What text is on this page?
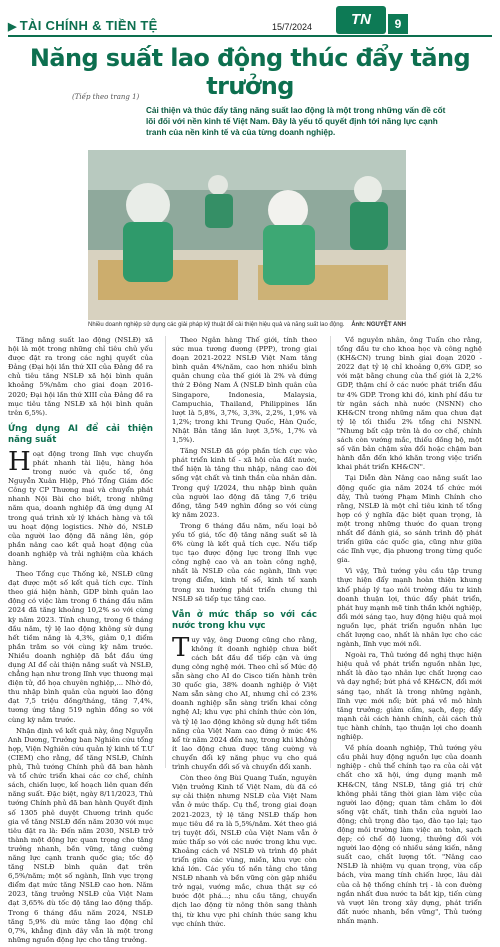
▶ TÀI CHÍNH & TIỀN TỆ	15/7/2024	TN	9
Năng suất lao động thúc đẩy tăng trưởng
(Tiếp theo trang 1)
Cải thiện và thúc đẩy tăng năng suất lao động là một trong những vấn đề cốt lõi đối với nền kinh tế Việt Nam. Đây là yếu tố quyết định tới năng lực cạnh tranh của nền kinh tế và của từng doanh nghiệp.
Nhiều doanh nghiệp sử dụng các giải pháp kỹ thuật để cải thiện hiệu quả và năng suất lao động. Ảnh: NGUYỆT ANH

Tăng năng suất lao động (NSLĐ) xã hội là một trong những chỉ tiêu chủ yếu được đặt ra trong các nghị quyết của Đảng (Đại hội lần thứ XII của Đảng đề ra chủ tiêu tăng NSLĐ xã hội bình quân khoảng 5%/năm cho giai đoạn 2016-2020; Đại hội lần thứ XIII của Đảng đề ra mục tiêu tăng NSLĐ xã hội bình quân trên 6,5%).

Ứng dụng AI để cải thiện năng suất

Hoạt động trong lĩnh vực chuyển phát nhanh tài liệu, hàng hóa trong nước và quốc tế, ông Nguyễn Xuân Hiệp, Phó Tổng Giám đốc Công ty CP Thương mại và chuyển phát nhanh Nội Bài cho biết, trong những năm qua, doanh nghiệp đã ứng dụng AI trong quá trình xử lý khách hàng và tối ưu hoạt động logistics. Nhờ đó, NSLĐ của người lao động đã nâng lên, góp phần nâng cao kết quả hoạt động của doanh nghiệp và trải nghiệm của khách hàng.

Theo Tổng cục Thống kê, NSLĐ cũng đạt được một số kết quả tích cực. Tính theo giá hiện hành, GDP bình quân lao động có việc làm trong 6 tháng đầu năm 2024 đã tăng khoảng 10,2% so với cùng kỳ năm 2023. Tính chung, trong 6 tháng đầu năm, tỷ lệ lao động không sử dụng hết tiềm năng là 4,3%, giảm 0,1 điểm phần trăm so với cùng kỳ năm trước. Nhiều doanh nghiệp đã bắt đầu ứng dụng AI để cải thiện năng suất và NSLĐ, chẳng hạn như trong lĩnh vực thương mại điện tử, đồ họa chuyên nghiệp,... Nhờ đó, thu nhập bình quân của người lao động đạt 7,5 triệu đồng/tháng, tăng 7,4%, tương ứng tăng 519 nghìn đồng so với cùng kỳ năm trước.

Nhận định về kết quả này, ông Nguyễn Anh Dương, Trưởng ban Nghiên cứu tổng hợp, Viện Nghiên cứu quản lý kinh tế T.Ư (CIEM) cho rằng, để tăng NSLĐ, Chính phủ, Thủ tướng Chính phủ đã ban hành và tổ chức triển khai các cơ chế, chính sách, chiến lược, kế hoạch liên quan đến năng suất. Đặc biệt, ngày 8/11/2023, Thủ tướng Chính phủ đã ban hành Quyết định số 1305 phê duyệt Chương trình quốc gia về tăng NSLĐ đến năm 2030 với mục tiêu đặt ra là: Đến năm 2030, NSLĐ trở thành một động lực quan trọng cho tăng trưởng nhanh, bền vững, tăng cường năng lực cạnh tranh quốc gia; tốc độ tăng NSLĐ bình quân đạt trên 6,5%/năm; một số ngành, lĩnh vực trọng điểm đạt mức tăng NSLĐ cao hơn. Năm 2023, tăng trưởng NSLĐ của Việt Nam đạt 3,65% dù tốc độ tăng lao động thấp. Trong 6 tháng đầu năm 2024, NSLĐ tăng 5,9% dù mức tăng lao động chỉ 0,7%, khẳng định đây vẫn là một trong những nguồn động lực cho tăng trưởng.

Theo Ngân hàng Thế giới, tính theo sức mua tương đương (PPP), trong giai đoạn 2021-2022 NSLĐ Việt Nam tăng bình quân 4%/năm, cao hơn nhiều bình quân chung của thế giới là 2% và đứng thứ 2 Đông Nam Á (NSLĐ bình quân của Singapore, Indonesia, Malaysia, Campuchia, Thailand, Philippines lần lượt là 5,8%, 3,7%, 3,3%, 2,2%, 1,9% và 1,2%; trong khi Trung Quốc, Hàn Quốc, Nhật Bản tăng lần lượt 3,5%, 1,7% và 1,5%).

Tăng NSLĐ đã góp phần tích cực vào phát triển kinh tế - xã hội của đất nước, thể hiện là tăng thu nhập, nâng cao đời sống vật chất và tinh thần của nhân dân. Trong quý I/2024, thu nhập bình quân của người lao động đã tăng 7,6 triệu đồng, tăng 549 nghìn đồng so với cùng kỳ năm 2023.

Trong 6 tháng đầu năm, nếu loại bỏ yếu tố giá, tốc độ tăng năng suất sẽ là 6% cùng là kết quả tích cực. Nếu tiếp tục tạo được động lực trong lĩnh vực công nghệ cao và an toàn công nghệ, nhất là NSLĐ của các ngành, lĩnh vực trọng điểm, kinh tế số, kinh tế xanh trong xu hướng phát triển chung thì NSLĐ sẽ tiếp tục tăng cao.

Vẫn ở mức thấp so với các nước trong khu vực

Tuy vậy, ông Dương cũng cho rằng, không ít doanh nghiệp chưa biết cách bắt đầu để tiếp cận và ứng dụng công nghệ mới. Theo chỉ số Mức độ sẵn sàng cho AI do Cisco tiến hành trên 30 quốc gia, 38% doanh nghiệp ở Việt Nam sẵn sàng cho AI, nhưng chỉ có 23% doanh nghiệp sẵn sàng triển khai công nghệ AI; khu vực phi chính thức còn lớn, và tỷ lệ lao động không sử dụng hết tiềm năng của Việt Nam cao đứng ở mức 4% kể từ năm 2024 đến nay, trong khi không ít lao động chưa được tăng cường và chuyển đổi kỹ năng phục vụ cho quá trình chuyển đổi số và chuyển đổi xanh.

Còn theo ông Bùi Quang Tuấn, nguyên Viện trưởng Kinh tế Việt Nam, dù đã có sự cải thiện nhưng NSLĐ của Việt Nam vẫn ở mức thấp. Cụ thể, trong giai đoạn 2021-2023, tỷ lệ tăng NSLĐ thấp hơn mục tiêu đề ra là 5,5%/năm. Xét theo giá trị tuyệt đối, NSLĐ của Việt Nam vẫn ở mức thấp so với các nước trong khu vực. Khoảng cách về NSLĐ và trình độ phát triển giữa các vùng, miền, khu vực còn khá lớn. Các yếu tố nền tảng cho tăng NSLĐ nhanh và bền vững còn gặp nhiều trở ngại, vướng mắc, chưa thật sự có bước đột phá...; nhu cầu tăng, chuyển dịch lao động từ nông thôn sang thành thị, từ khu vực phi chính thức sang khu vực chính thức.

Về nguyên nhân, ông Tuấn cho rằng, tổng đầu tư cho khoa học và công nghệ (KH&CN) trung bình giai đoạn 2020 - 2022 đạt tỷ lệ chỉ khoảng 0,6% GDP, so với mặt bằng chung của thế giới là 2,2% GDP, thậm chí ở các nước phát triển đầu tư 4% GDP. Trong khi đó, kinh phí đầu tư từ ngân sách nhà nước (NSNN) cho KH&CN trong những năm qua chưa đạt tỷ lệ tối thiểu 2% tổng chi NSNN. "Nhưng bất cập trên là do cơ chế, chính sách còn vướng mắc, thiếu đồng bộ, một số văn bản chậm sửa đổi hoặc chậm ban hành dẫn đến khó khăn trong việc triển khai phát triển KH&CN".

Tại Diễn đàn Nâng cao năng suất lao động quốc gia năm 2024 tổ chức mới đây, Thủ tướng Phạm Minh Chính cho rằng, NSLĐ là một chỉ tiêu kinh tế tổng hợp có ý nghĩa đặc biệt quan trọng, là một trong những thước đo quan trọng nhất để đánh giá, so sánh trình độ phát triển giữa các quốc gia, cũng như giữa các lĩnh vực, địa phương trong từng quốc gia.

Vì vậy, Thủ tướng yêu cầu tập trung thực hiện đẩy mạnh hoàn thiện khung khổ pháp lý tạo môi trường đầu tư kinh doanh thuận lợi, thúc đẩy phát triển, phát huy mạnh mẽ tinh thần khởi nghiệp, đổi mới sáng tạo, huy động hiệu quả mọi nguồn lực, phát triển nguồn nhân lực chất lượng cao, nhất là nhân lực cho các ngành, lĩnh vực mới nổi.

Ngoài ra, Thủ tướng đề nghị thực hiện hiệu quả về phát triển nguồn nhân lực, nhất là đào tạo nhân lực chất lượng cao và dạy nghề; bứt phá về KH&CN, đổi mới sáng tạo, nhất là trong những ngành, lĩnh vực mới nổi; bứt phá về mô hình tăng trưởng; giảm cấm, sạch, đẹp; đẩy mạnh cải cách hành chính, cải cách thủ tục hành chính, tạo thuận lợi cho doanh nghiệp.

Về phía doanh nghiệp, Thủ tướng yêu cầu phải huy động nguồn lực của doanh nghiệp - chủ thể chính tạo ra của cải vật chất cho xã hội, ứng dụng mạnh mẽ KH&CN, tăng NSLĐ, tăng giá trị chứ không phải tăng thời gian làm việc của người lao động; quan tâm chăm lo đời sống vật chất, tinh thần của người lao động; chủ trọng đào tạo, đào tạo lại; tạo động môi trường làm việc an toàn, sạch đẹp; có chế độ lương, thưởng đối với người lao động có nhiều sáng kiến, năng suất cao, chất lượng tốt. "Nâng cao NSLĐ là nhiệm vụ quan trọng, vừa cấp bách, vừa mang tính chiến lược, lâu dài của cả hệ thống chính trị - là con đường ngắn nhất đưa nước ta bắt kịp, tiến cùng và vượt lên trong xây dựng, phát triển đất nước nhanh, bền vững", Thủ tướng nhấn mạnh.
